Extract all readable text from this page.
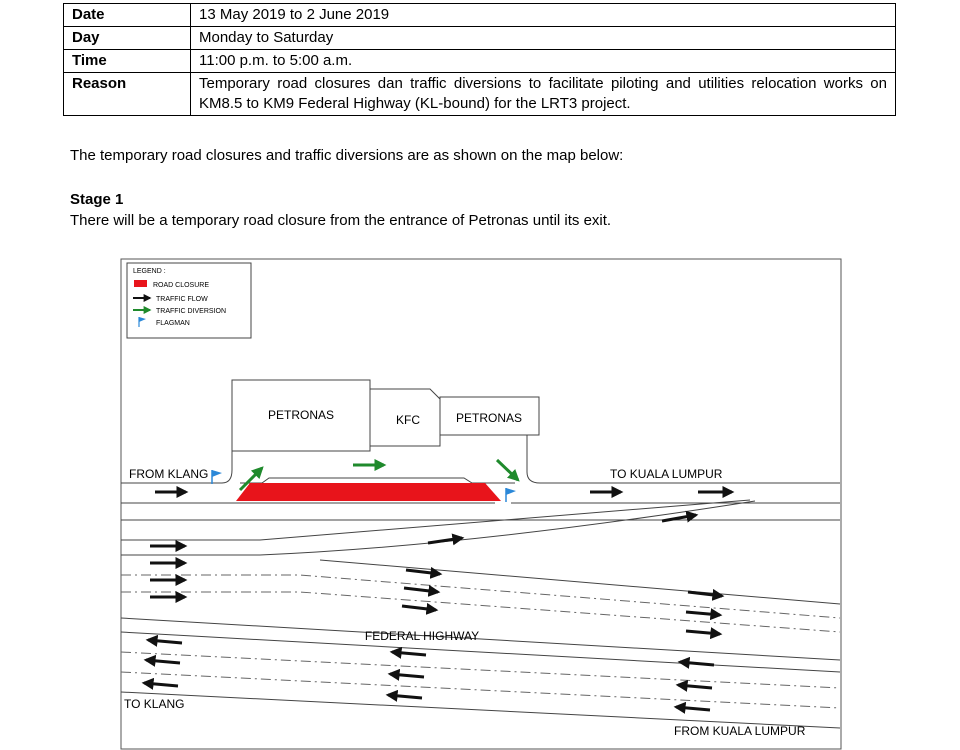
Date	13 May 2019 to 2 June 2019
Day	Monday to Saturday
Time	11:00 p.m. to 5:00 a.m.
Reason	Temporary road closures dan traffic diversions to facilitate piloting and utilities relocation works on KM8.5 to KM9 Federal Highway (KL-bound) for the LRT3 project.
The temporary road closures and traffic diversions are as shown on the map below:
Stage 1
There will be a temporary road closure from the entrance of Petronas until its exit.
LEGEND :
ROAD CLOSURE
TRAFFIC FLOW
TRAFFIC DIVERSION
FLAGMAN
PETRONAS	KFC	PETRONAS
FROM KLANG	TO KUALA LUMPUR
FEDERAL HIGHWAY
TO KLANG
FROM KUALA LUMPUR
